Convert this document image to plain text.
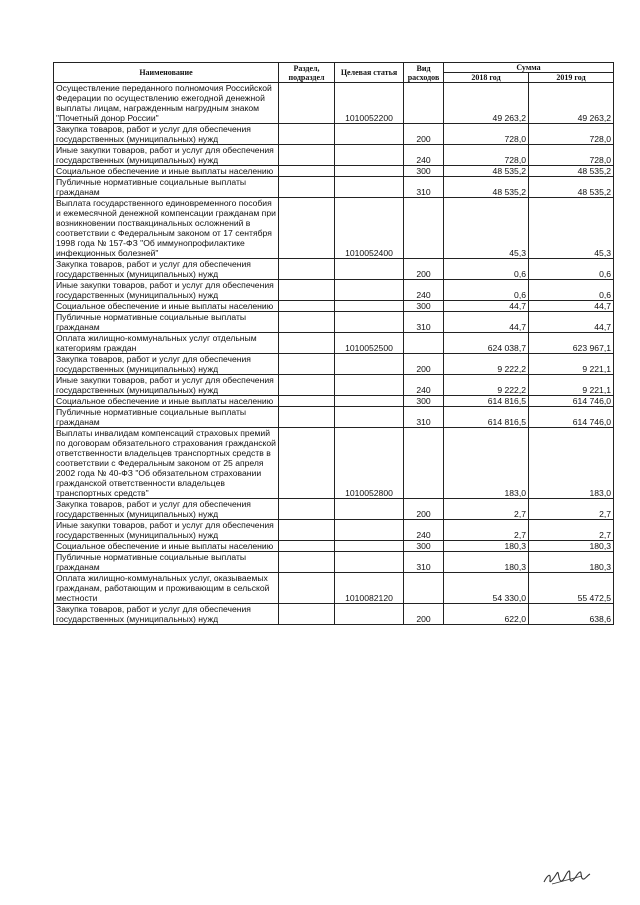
Наименование	Раздел, подраздел	Целевая статья	Вид расходов	Сумма	
				2018 год	2019 год
Осуществление переданного полномочия Российской Федерации по осуществлению ежегодной денежной выплаты лицам, награжденным нагрудным знаком "Почетный донор России"		1010052200		49 263,2	49 263,2
Закупка товаров, работ и услуг для обеспечения государственных (муниципальных) нужд			200	728,0	728,0
Иные закупки товаров, работ и услуг для обеспечения государственных (муниципальных) нужд			240	728,0	728,0
Социальное обеспечение и иные выплаты населению			300	48 535,2	48 535,2
Публичные нормативные социальные выплаты гражданам			310	48 535,2	48 535,2
Выплата государственного единовременного пособия и ежемесячной денежной компенсации гражданам при возникновении поствакцинальных осложнений в соответствии с Федеральным законом от 17 сентября 1998 года № 157-ФЗ "Об иммунопрофилактике инфекционных болезней"		1010052400		45,3	45,3
Закупка товаров, работ и услуг для обеспечения государственных (муниципальных) нужд			200	0,6	0,6
Иные закупки товаров, работ и услуг для обеспечения государственных (муниципальных) нужд			240	0,6	0,6
Социальное обеспечение и иные выплаты населению			300	44,7	44,7
Публичные нормативные социальные выплаты гражданам			310	44,7	44,7
Оплата жилищно-коммунальных услуг отдельным категориям граждан		1010052500		624 038,7	623 967,1
Закупка товаров, работ и услуг для обеспечения государственных (муниципальных) нужд			200	9 222,2	9 221,1
Иные закупки товаров, работ и услуг для обеспечения государственных (муниципальных) нужд			240	9 222,2	9 221,1
Социальное обеспечение и иные выплаты населению			300	614 816,5	614 746,0
Публичные нормативные социальные выплаты гражданам			310	614 816,5	614 746,0
Выплаты инвалидам компенсаций страховых премий по договорам обязательного страхования гражданской ответственности владельцев транспортных средств в соответствии с Федеральным законом от 25 апреля 2002 года № 40-ФЗ "Об обязательном страховании гражданской ответственности владельцев транспортных средств"		1010052800		183,0	183,0
Закупка товаров, работ и услуг для обеспечения государственных (муниципальных) нужд			200	2,7	2,7
Иные закупки товаров, работ и услуг для обеспечения государственных (муниципальных) нужд			240	2,7	2,7
Социальное обеспечение и иные выплаты населению			300	180,3	180,3
Публичные нормативные социальные выплаты гражданам			310	180,3	180,3
Оплата жилищно-коммунальных услуг, оказываемых гражданам, работающим и проживающим в сельской местности		1010082120		54 330,0	55 472,5
Закупка товаров, работ и услуг для обеспечения государственных (муниципальных) нужд			200	622,0	638,6
